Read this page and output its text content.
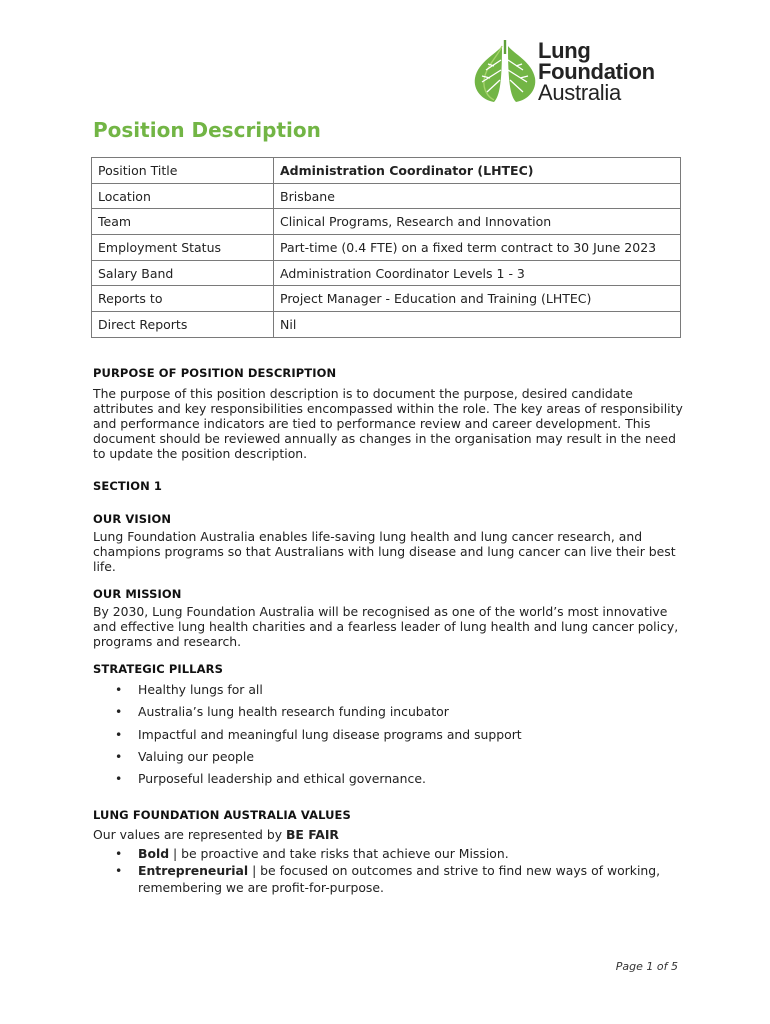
Lung
Foundation
Australia
Position Description
Position Title	Administration Coordinator (LHTEC)
Location	Brisbane
Team	Clinical Programs, Research and Innovation
Employment Status	Part-time (0.4 FTE) on a fixed term contract to 30 June 2023
Salary Band	Administration Coordinator Levels 1 - 3
Reports to	Project Manager - Education and Training (LHTEC)
Direct Reports	Nil
PURPOSE OF POSITION DESCRIPTION

The purpose of this position description is to document the purpose, desired candidate attributes and key responsibilities encompassed within the role. The key areas of responsibility and performance indicators are tied to performance review and career development. This document should be reviewed annually as changes in the organisation may result in the need to update the position description.

SECTION 1
OUR VISION

Lung Foundation Australia enables life-saving lung health and lung cancer research, and champions programs so that Australians with lung disease and lung cancer can live their best life.

OUR MISSION

By 2030, Lung Foundation Australia will be recognised as one of the world’s most innovative and effective lung health charities and a fearless leader of lung health and lung cancer policy, programs and research.

STRATEGIC PILLARS
• Healthy lungs for all
• Australia’s lung health research funding incubator
• Impactful and meaningful lung disease programs and support
• Valuing our people
• Purposeful leadership and ethical governance.
LUNG FOUNDATION AUSTRALIA VALUES

Our values are represented by BE FAIR

• Bold | be proactive and take risks that achieve our Mission.
• Entrepreneurial | be focused on outcomes and strive to find new ways of working, remembering we are profit-for-purpose.
Page 1 of 5
